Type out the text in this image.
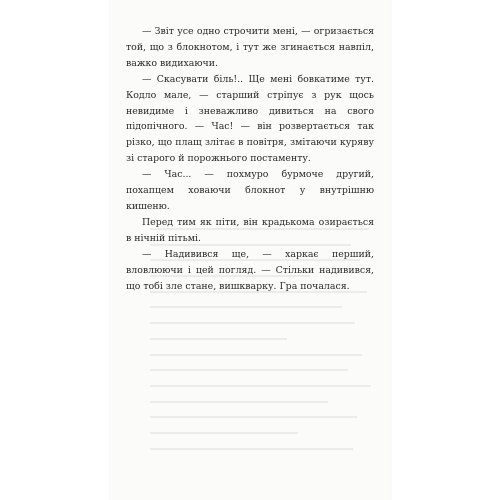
— Звіт усе одно строчити мені, — огризається той, що з блокнотом, і тут же згинається навпіл, важко видихаючи.

— Скасувати біль!.. Ще мені бовкатиме тут. Кодло мале, — старший стріпує з рук щось невидиме і зневажливо дивиться на свого підопічного. — Час! — він розвертається так різко, що плащ злітає в повітря, змітаючи куряву зі старого й порожнього постаменту.

— Час... — похмуро бурмоче другий, похапцем ховаючи блокнот у внутрішню кишеню.

Перед тим як піти, він крадькома озирається в нічній пітьмі.

— Надивився ще, — харкає перший, вловлюючи і цей погляд. — Стільки надивився, що тобі зле стане, вишкварку. Гра почалася.
